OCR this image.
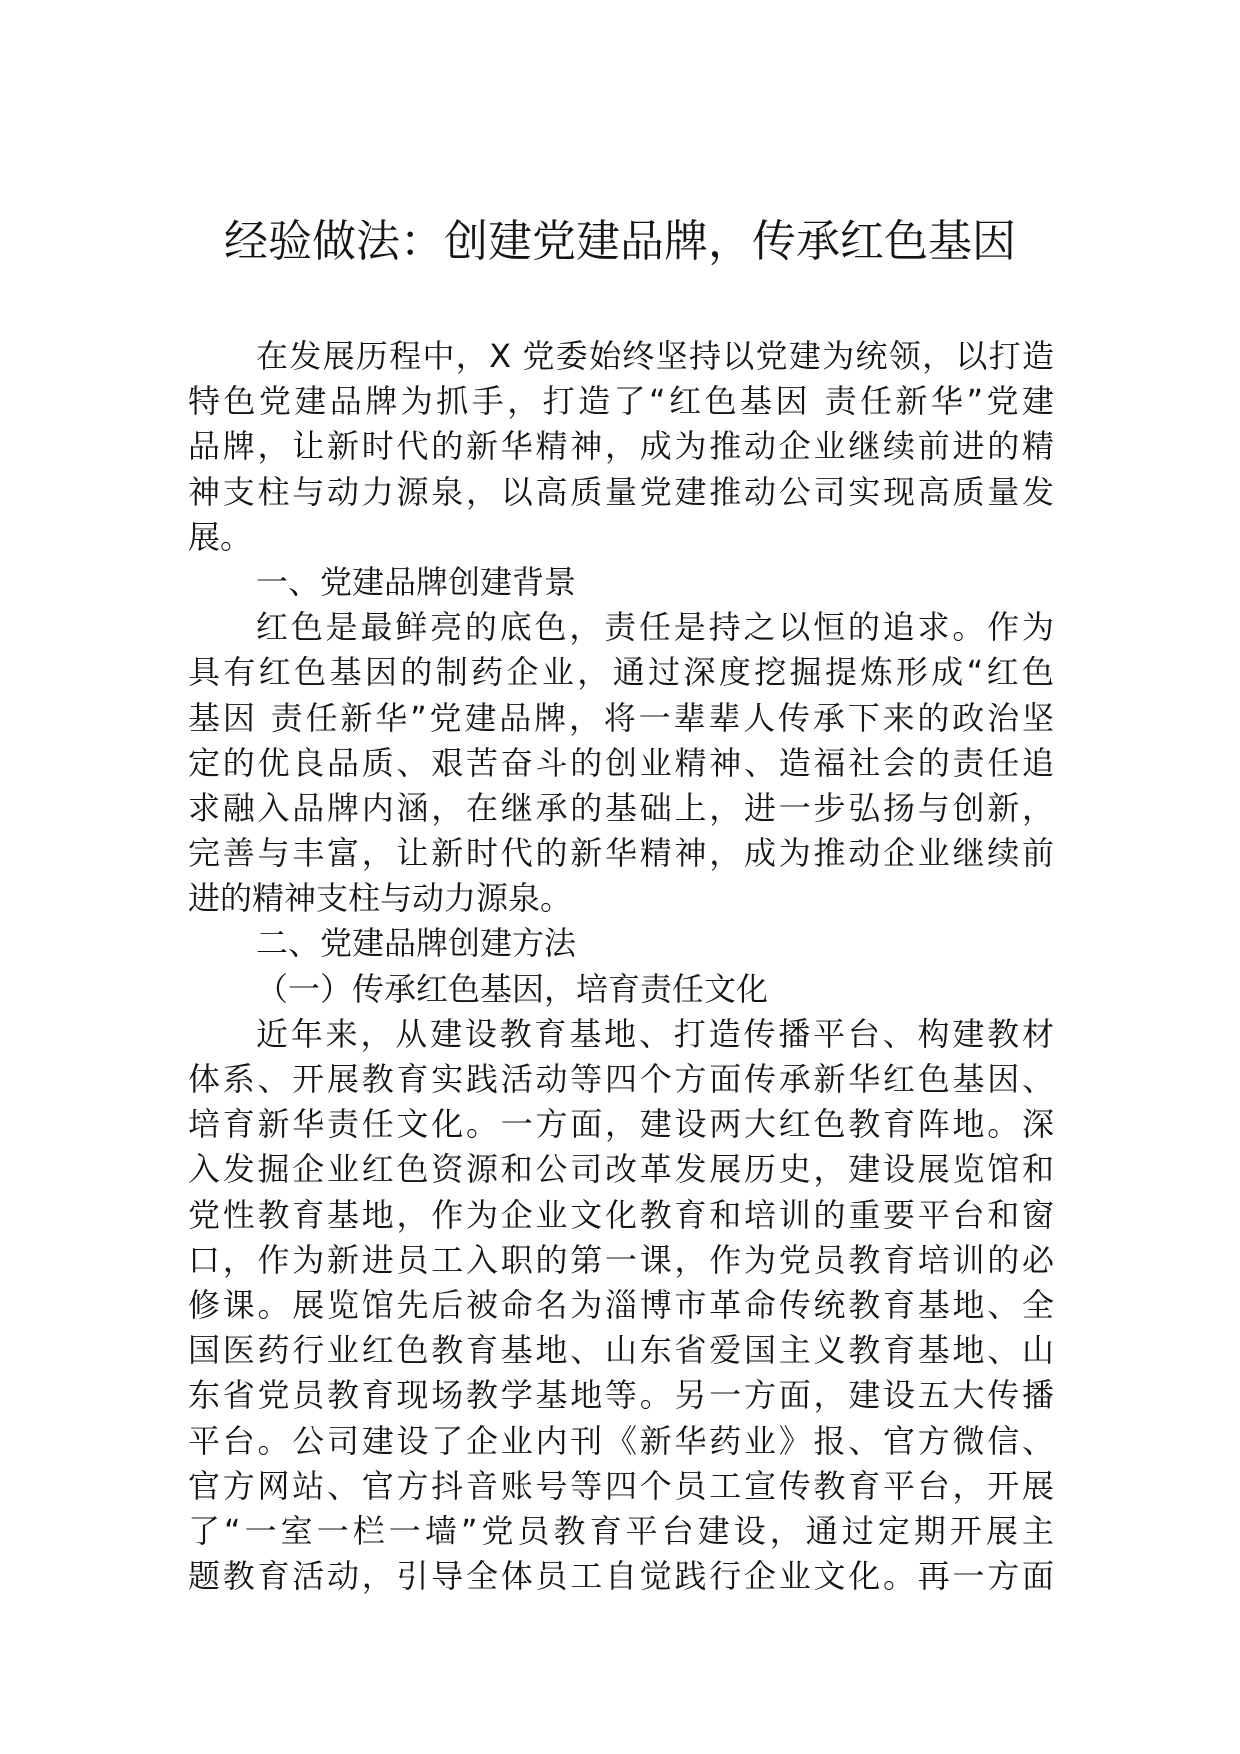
经验做法：创建党建品牌，传承红色基因
在发展历程中，X 党委始终坚持以党建为统领，以打造
特色党建品牌为抓手，打造了“红色基因 责任新华”党建
品牌，让新时代的新华精神，成为推动企业继续前进的精
神支柱与动力源泉，以高质量党建推动公司实现高质量发
展。
一、党建品牌创建背景
红色是最鲜亮的底色，责任是持之以恒的追求。作为
具有红色基因的制药企业，通过深度挖掘提炼形成“红色
基因 责任新华”党建品牌，将一辈辈人传承下来的政治坚
定的优良品质、艰苦奋斗的创业精神、造福社会的责任追
求融入品牌内涵，在继承的基础上，进一步弘扬与创新，
完善与丰富，让新时代的新华精神，成为推动企业继续前
进的精神支柱与动力源泉。
二、党建品牌创建方法
（一）传承红色基因，培育责任文化
近年来，从建设教育基地、打造传播平台、构建教材
体系、开展教育实践活动等四个方面传承新华红色基因、
培育新华责任文化。一方面，建设两大红色教育阵地。深
入发掘企业红色资源和公司改革发展历史，建设展览馆和
党性教育基地，作为企业文化教育和培训的重要平台和窗
口，作为新进员工入职的第一课，作为党员教育培训的必
修课。展览馆先后被命名为淄博市革命传统教育基地、全
国医药行业红色教育基地、山东省爱国主义教育基地、山
东省党员教育现场教学基地等。另一方面，建设五大传播
平台。公司建设了企业内刊《新华药业》报、官方微信、
官方网站、官方抖音账号等四个员工宣传教育平台，开展
了“一室一栏一墙”党员教育平台建设，通过定期开展主
题教育活动，引导全体员工自觉践行企业文化。再一方面
